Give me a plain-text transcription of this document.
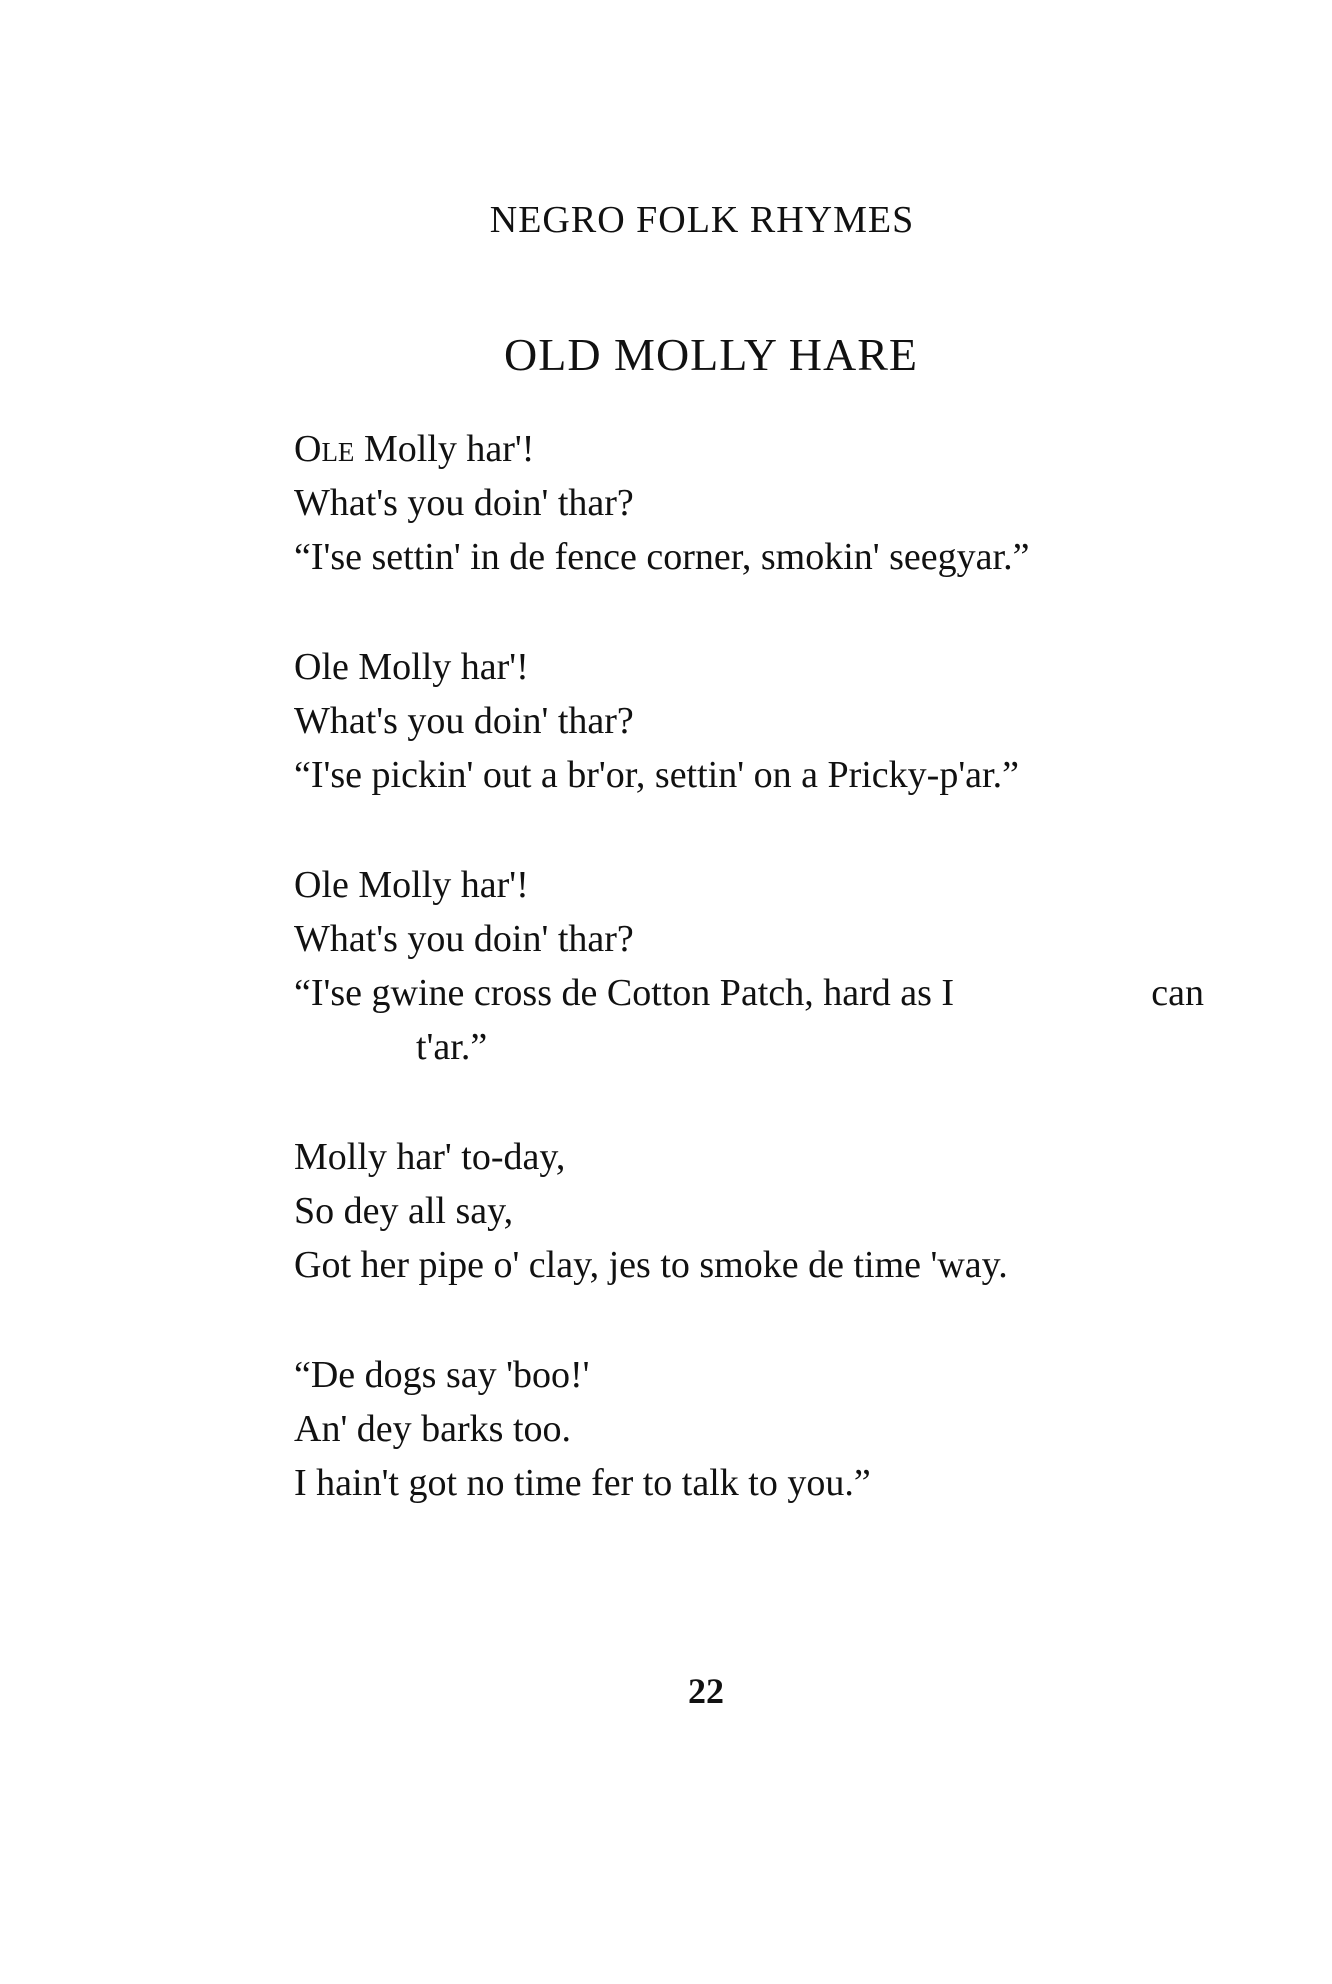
NEGRO FOLK RHYMES
OLD MOLLY HARE

Ole Molly har'!

What's you doin' thar?

“I'se settin' in de fence corner, smokin' seegyar.”

Ole Molly har'!

What's you doin' thar?

“I'se pickin' out a br'or, settin' on a Pricky-p'ar.”

Ole Molly har'!

What's you doin' thar?

“I'se gwine cross de Cotton Patch, hard as I	can

t'ar.”

Molly har' to-day,

So dey all say,

Got her pipe o' clay, jes to smoke de time 'way.

“De dogs say 'boo!'

An' dey barks too.

I hain't got no time fer to talk to you.”

22
